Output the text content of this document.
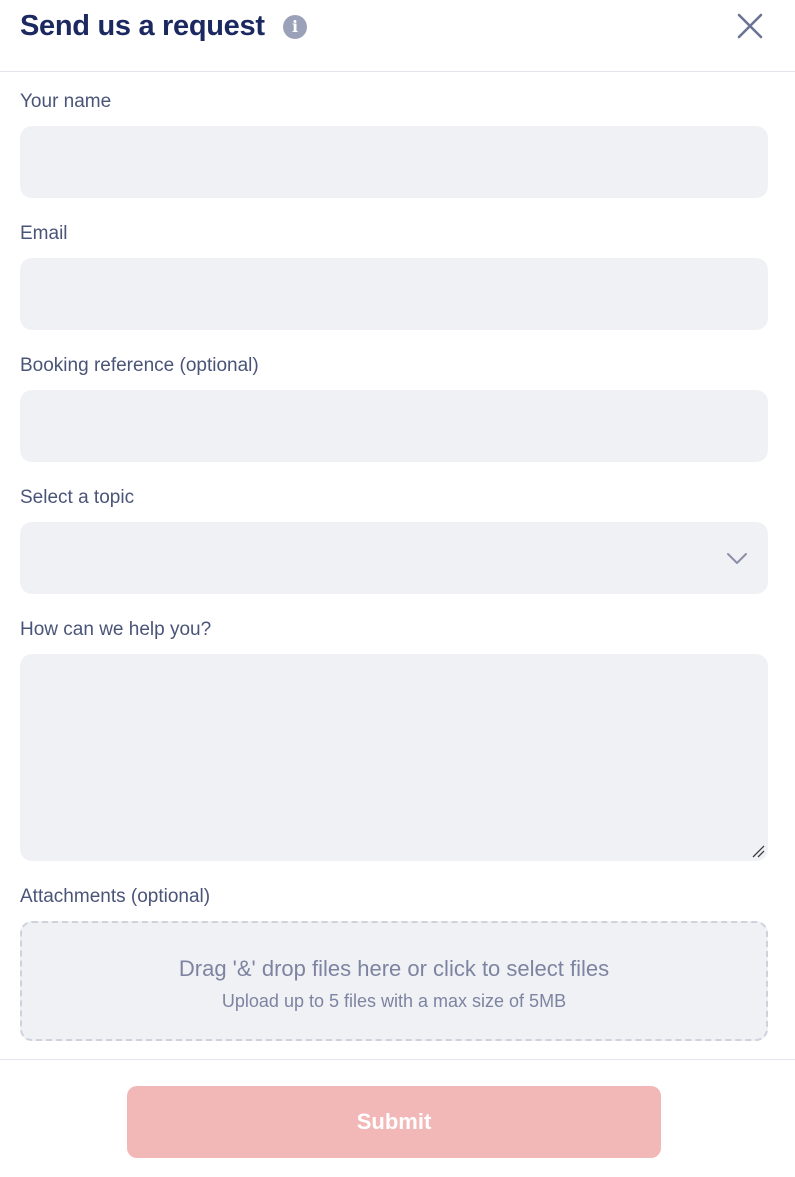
Send us a request	i
Your name
Email
Booking reference (optional)
Select a topic
How can we help you?
Attachments (optional)
Drag '&' drop files here or click to select files
Upload up to 5 files with a max size of 5MB
Submit
